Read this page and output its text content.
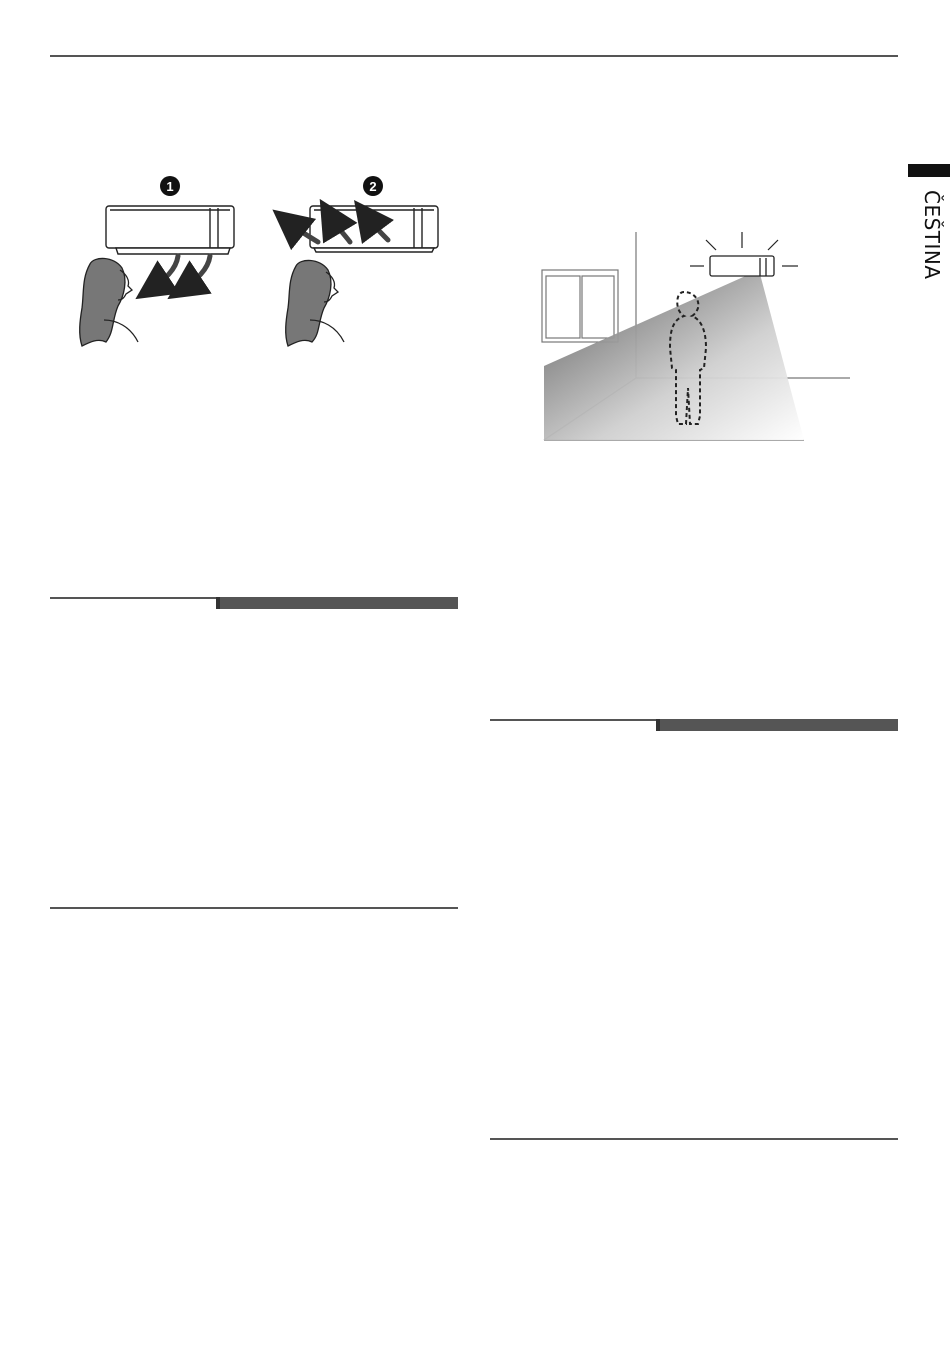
ČEŠTINA
1	2
